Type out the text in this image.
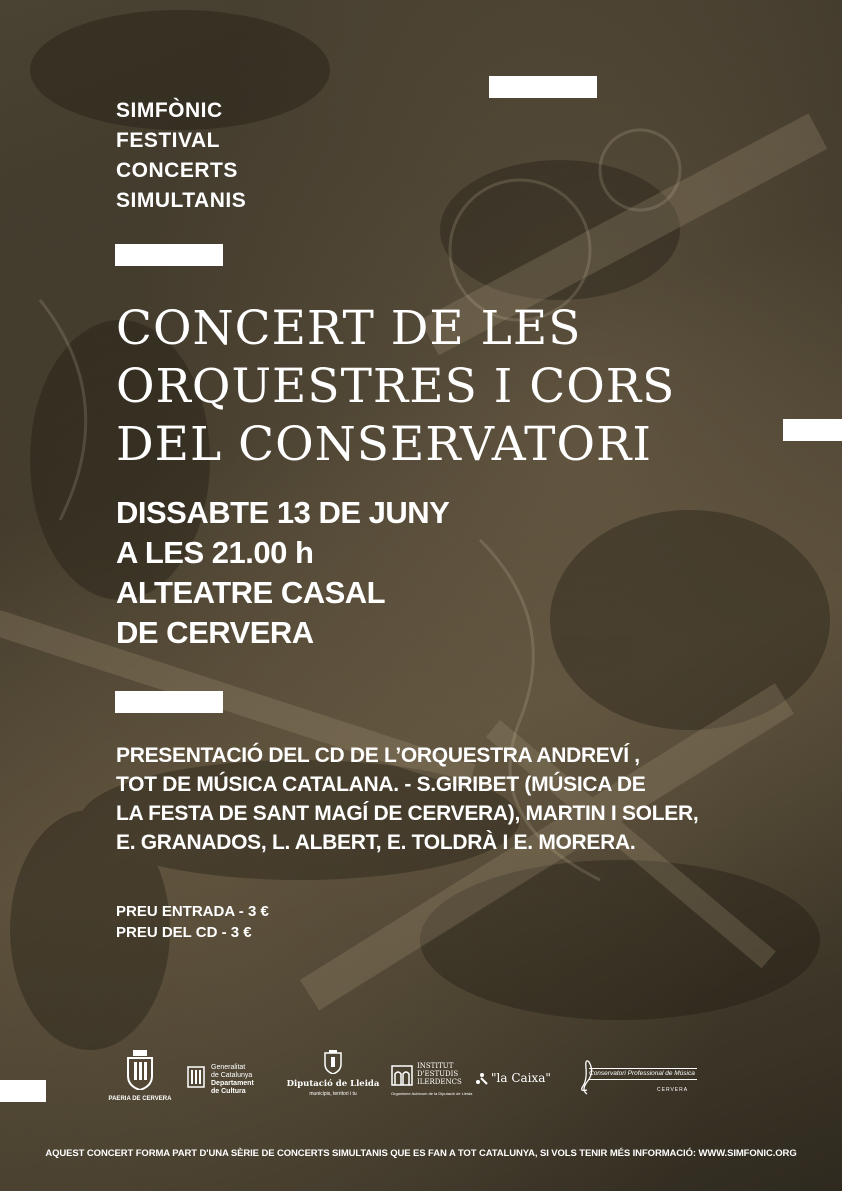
SIMFÒNIC
FESTIVAL
CONCERTS
SIMULTANIS
CONCERT DE LES
ORQUESTRES I CORS
DEL CONSERVATORI
DISSABTE 13 DE JUNY
A LES 21.00 h
ALTEATRE CASAL
DE CERVERA
PRESENTACIÓ DEL CD DE L’ORQUESTRA ANDREVÍ ,
TOT DE MÚSICA CATALANA. - S.GIRIBET (MÚSICA DE
LA FESTA DE SANT MAGÍ DE CERVERA), MARTIN I SOLER,
E. GRANADOS, L. ALBERT, E. TOLDRÀ I E. MORERA.
PREU ENTRADA - 3 €
PREU DEL CD - 3 €
PAERIA DE CERVERA
Generalitat
de Catalunya
Departament
de Cultura
Diputació de Lleida
municipis, territori i tu
INSTITUT
D'ESTUDIS
ILERDENCS
Organisme Autònom de la Diputació de Lleida
"la Caixa"	Conservatori Professional de Música
CERVERA
AQUEST CONCERT FORMA PART D'UNA SÈRIE DE CONCERTS SIMULTANIS QUE ES FAN A TOT CATALUNYA, SI VOLS TENIR MÉS INFORMACIÓ: WWW.SIMFONIC.ORG
